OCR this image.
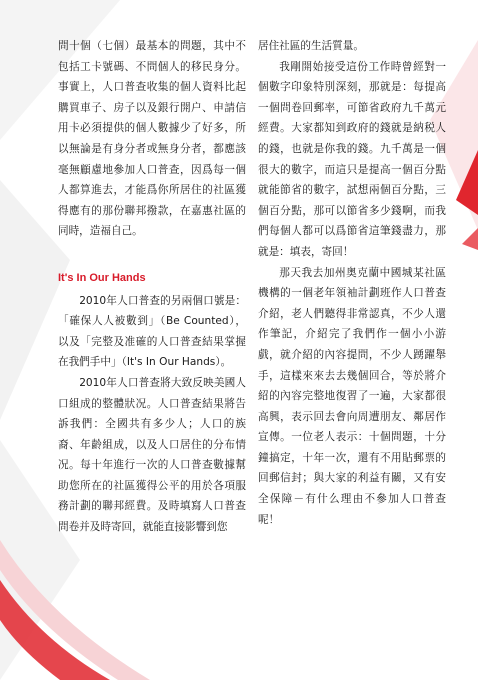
問十個（七個）最基本的問題，其中不包括工卡號碼、不問個人的移民身分。事實上，人口普查收集的個人資料比起購買車子、房子以及銀行開户、申請信用卡必須提供的個人數據少了好多，所以無論是有身分者或無身分者，都應該毫無顧慮地參加人口普查，因爲每一個人都算進去，才能爲你所居住的社區獲得應有的那份聯邦撥款，在嘉惠社區的同時，造福自己。

It's In Our Hands

2010年人口普查的另兩個口號是：「確保人人被數到」（Be Counted），以及「完整及准確的人口普查結果掌握在我們手中」（It's In Our Hands）。

2010年人口普查將大致反映美國人口組成的整體狀况。人口普查結果將告訴我們：全國共有多少人；人口的族裔、年齡組成，以及人口居住的分布情况。每十年進行一次的人口普查數據幫助您所在的社區獲得公平的用於各項服務計劃的聯邦經費。及時填寫人口普查問卷并及時寄回，就能直接影響到您

居住社區的生活質量。

我剛開始接受這份工作時曾經對一個數字印象特別深刻，那就是：每提高一個問卷回郵率，可節省政府九千萬元經費。大家都知到政府的錢就是納税人的錢，也就是你我的錢。九千萬是一個很大的數字，而這只是提高一個百分點就能節省的數字，試想兩個百分點，三個百分點，那可以節省多少錢啊，而我們每個人都可以爲節省這筆錢盡力，那就是：填表，寄回！

那天我去加州奥克蘭中國城某社區機構的一個老年領袖計劃班作人口普查介紹，老人們聽得非常認真，不少人還作筆記，介紹完了我們作一個小小游戲，就介紹的內容提問，不少人踴躍舉手，這樣來來去去幾個回合，等於將介紹的內容完整地復習了一遍，大家都很高興，表示回去會向周遭朋友、鄰居作宣傳。一位老人表示：十個問題，十分鐘搞定，十年一次，還有不用貼郵票的回郵信封；與大家的利益有關，又有安全保障－有什么理由不參加人口普查呢！
